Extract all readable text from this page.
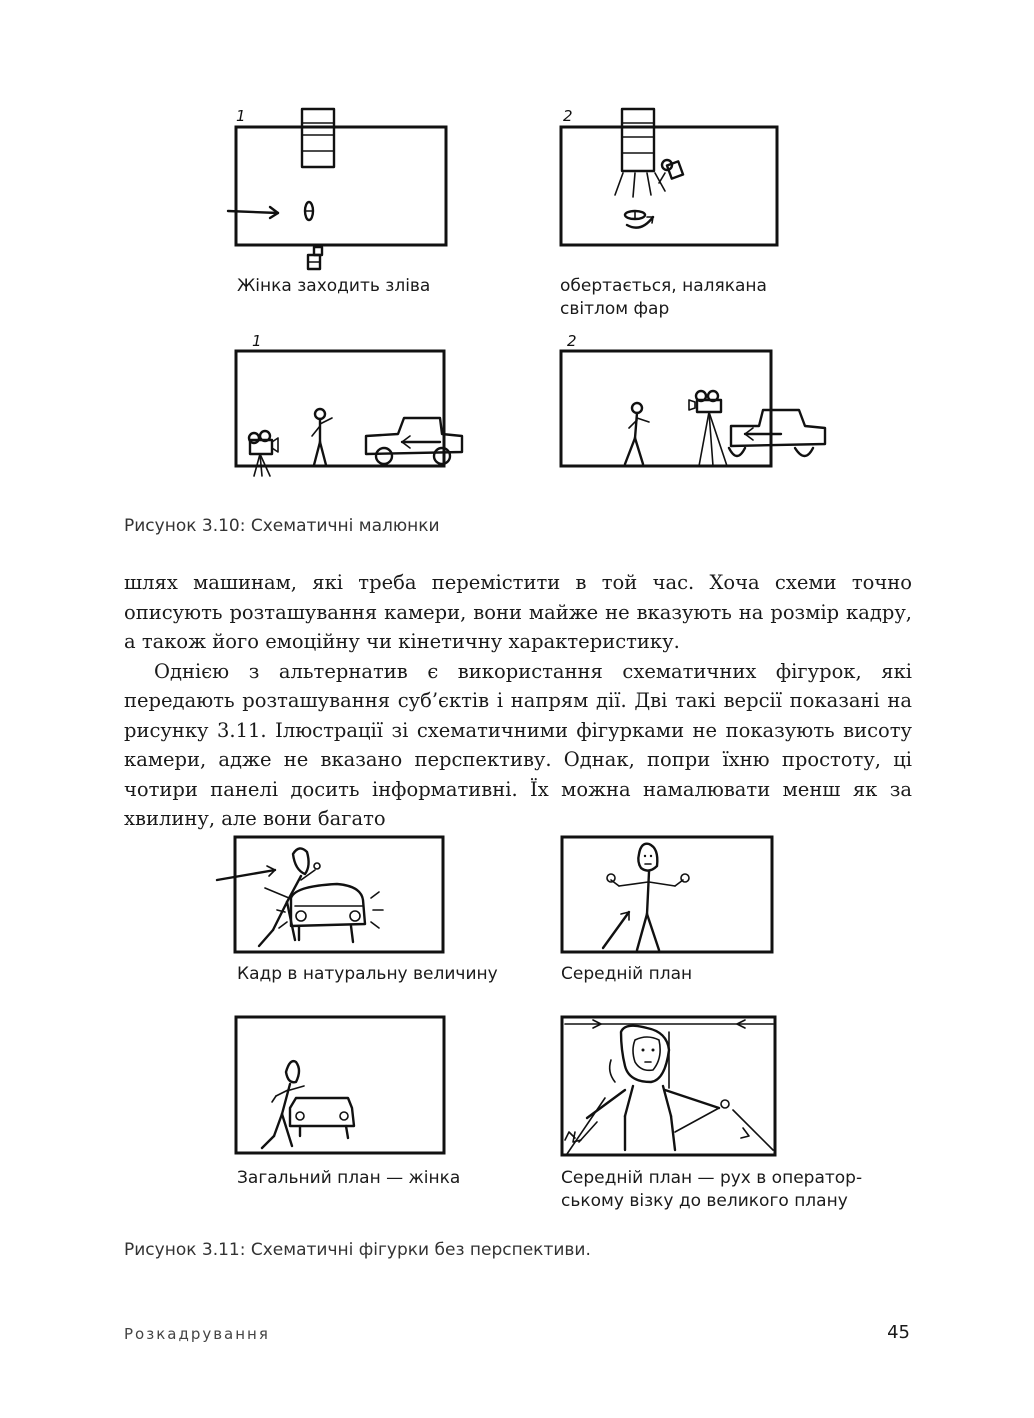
1
Жінка заходить зліва
2
обертається, налякана
світлом фар
1	2
Рисунок 3.10: Схематичні малюнки

шлях машинам, які треба перемістити в той час. Хоча схеми точно описують розташування камери, вони майже не вказують на розмір кадру, а також його емоційну чи кінетичну характеристику.

Однією з альтернатив є використання схематичних фігурок, які передають розташування суб’єктів і напрям дії. Дві такі версії показані на рисунку 3.11. Ілюстрації зі схематичними фігурками не показують висоту камери, адже не вказано перспективу. Однак, попри їхню простоту, ці чотири панелі досить інформативні. Їх можна намалювати менш як за хвилину, але вони багато

Кадр в натуральну величину	Середній план
Загальний план — жінка	Середній план — рух в оператор-
ському візку до великого плану
Рисунок 3.11: Схематичні фігурки без перспективи.
Розкадрування	45
